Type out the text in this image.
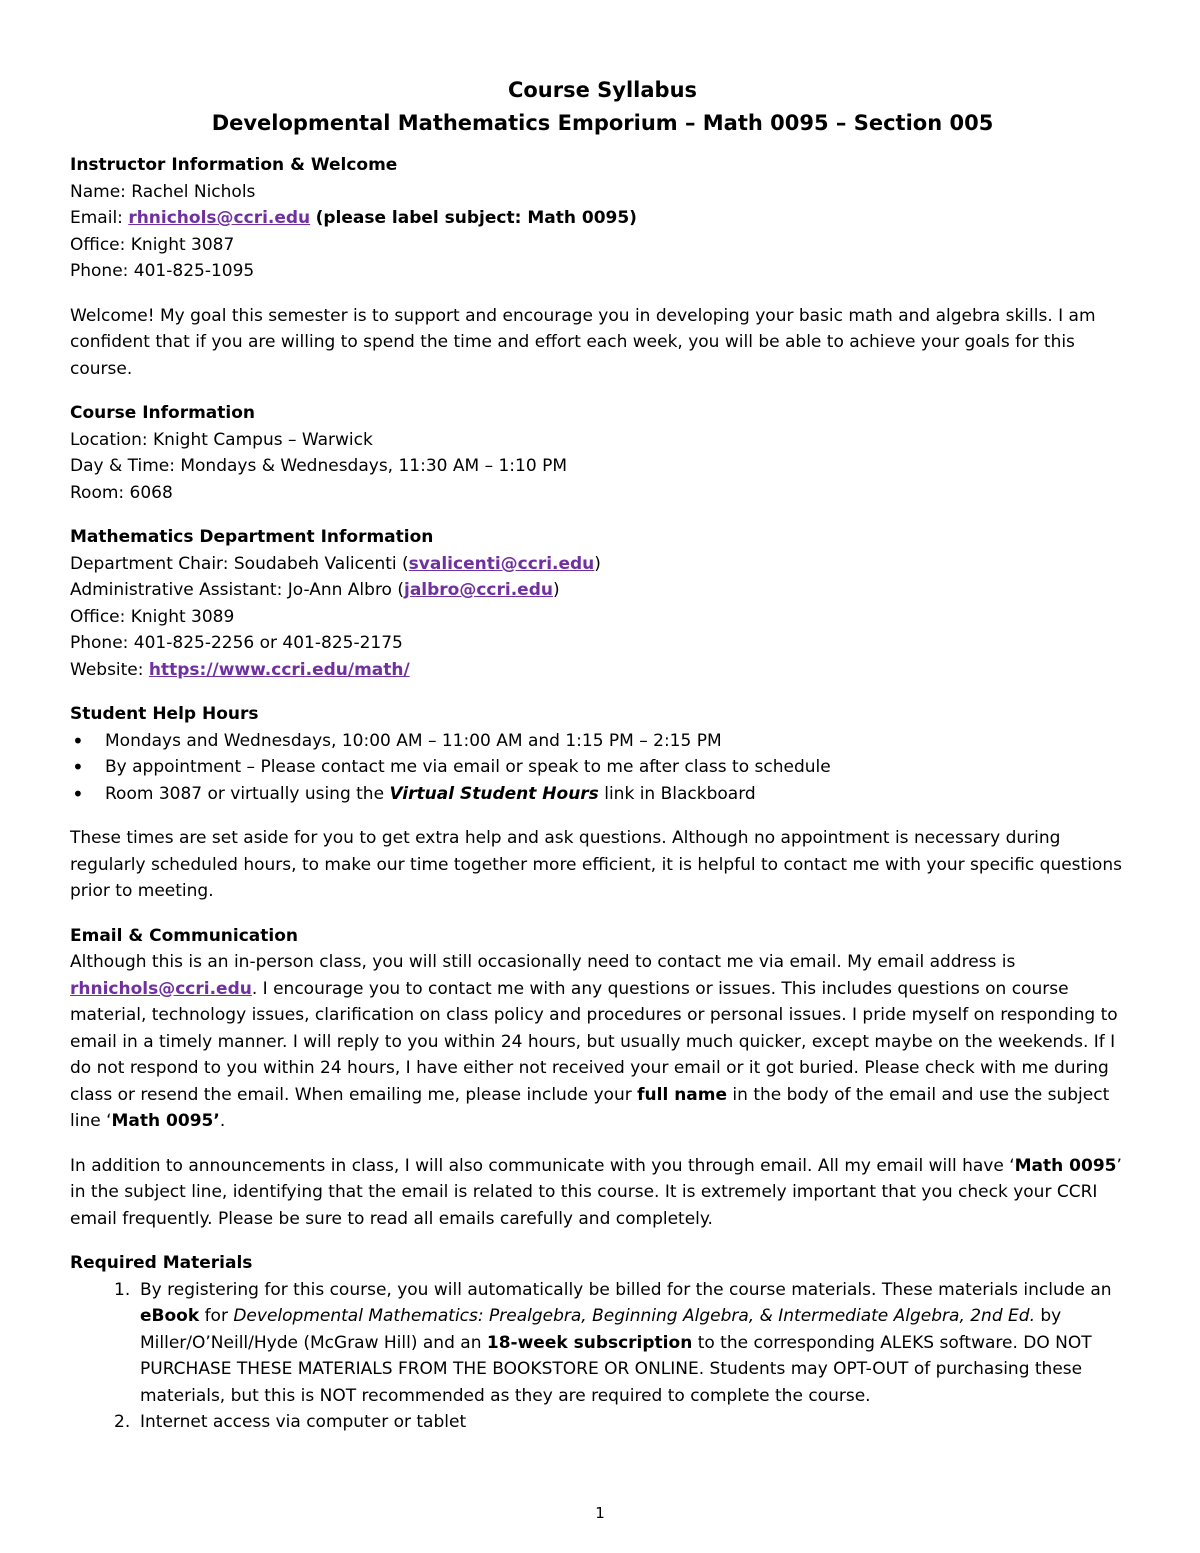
Course Syllabus
Developmental Mathematics Emporium – Math 0095 – Section 005
Instructor Information & Welcome
Name: Rachel Nichols
Email: rhnichols@ccri.edu (please label subject: Math 0095)
Office: Knight 3087
Phone: 401-825-1095

Welcome! My goal this semester is to support and encourage you in developing your basic math and algebra skills. I am confident that if you are willing to spend the time and effort each week, you will be able to achieve your goals for this course.

Course Information
Location: Knight Campus – Warwick
Day & Time: Mondays & Wednesdays, 11:30 AM – 1:10 PM
Room: 6068
Mathematics Department Information
Department Chair: Soudabeh Valicenti (svalicenti@ccri.edu)
Administrative Assistant: Jo-Ann Albro (jalbro@ccri.edu)
Office: Knight 3089
Phone: 401-825-2256 or 401-825-2175
Website: https://www.ccri.edu/math/
Student Help Hours
• Mondays and Wednesdays, 10:00 AM – 11:00 AM and 1:15 PM – 2:15 PM
• By appointment – Please contact me via email or speak to me after class to schedule
• Room 3087 or virtually using the Virtual Student Hours link in Blackboard

These times are set aside for you to get extra help and ask questions. Although no appointment is necessary during regularly scheduled hours, to make our time together more efficient, it is helpful to contact me with your specific questions prior to meeting.

Email & Communication

Although this is an in-person class, you will still occasionally need to contact me via email. My email address is rhnichols@ccri.edu. I encourage you to contact me with any questions or issues. This includes questions on course material, technology issues, clarification on class policy and procedures or personal issues. I pride myself on responding to email in a timely manner. I will reply to you within 24 hours, but usually much quicker, except maybe on the weekends. If I do not respond to you within 24 hours, I have either not received your email or it got buried. Please check with me during class or resend the email. When emailing me, please include your full name in the body of the email and use the subject line ‘Math 0095’.

In addition to announcements in class, I will also communicate with you through email. All my email will have ‘Math 0095’ in the subject line, identifying that the email is related to this course. It is extremely important that you check your CCRI email frequently. Please be sure to read all emails carefully and completely.

Required Materials
1. By registering for this course, you will automatically be billed for the course materials. These materials include an eBook for Developmental Mathematics: Prealgebra, Beginning Algebra, & Intermediate Algebra, 2nd Ed. by Miller/O’Neill/Hyde (McGraw Hill) and an 18-week subscription to the corresponding ALEKS software. DO NOT PURCHASE THESE MATERIALS FROM THE BOOKSTORE OR ONLINE. Students may OPT-OUT of purchasing these materials, but this is NOT recommended as they are required to complete the course.
2. Internet access via computer or tablet
1
